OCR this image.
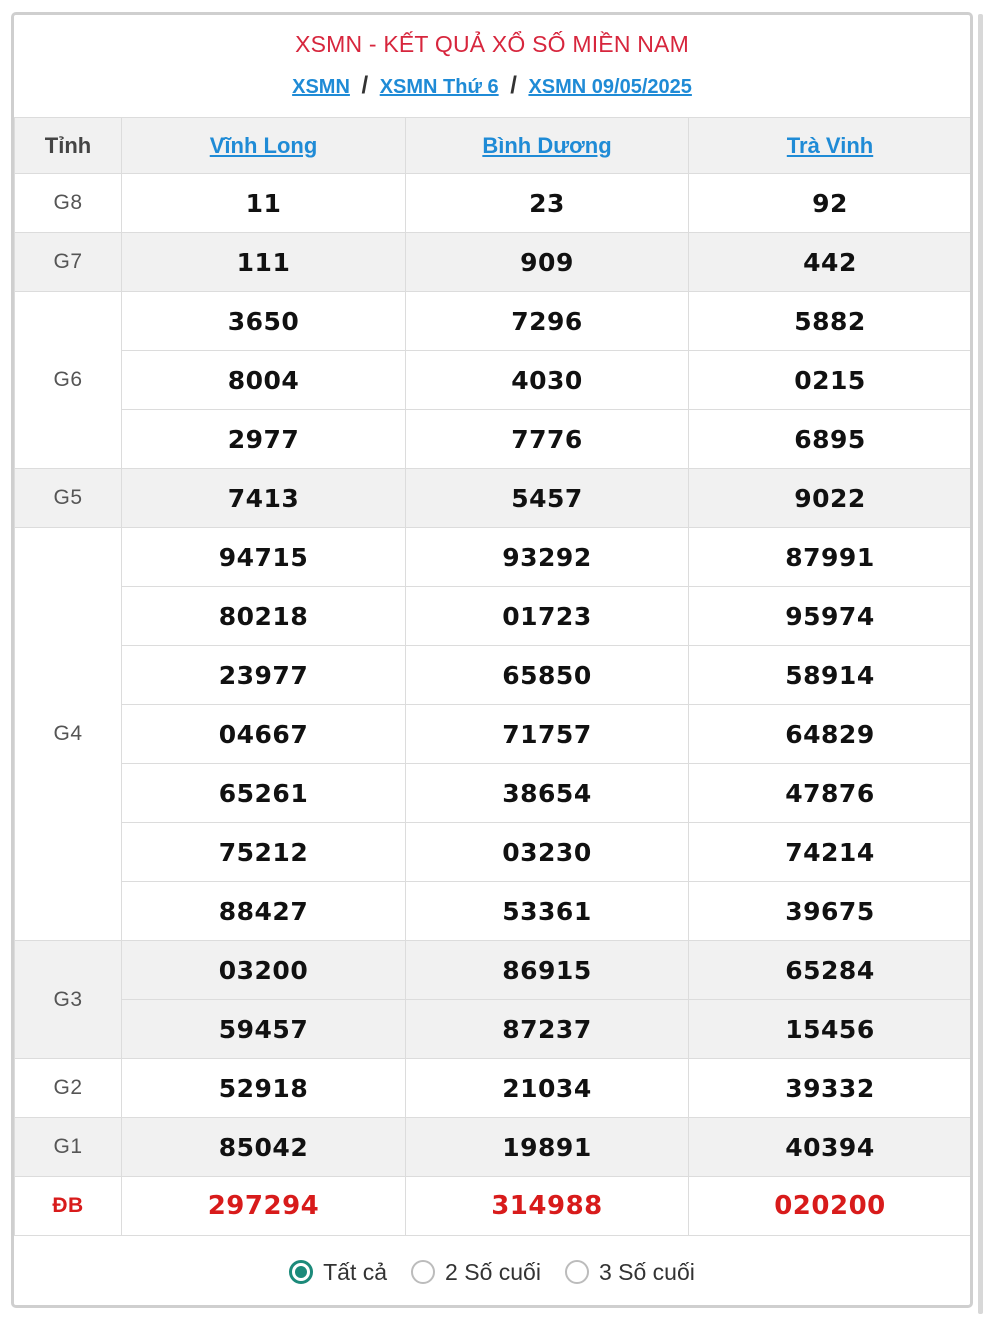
XSMN - KẾT QUẢ XỔ SỐ MIỀN NAM
XSMN / XSMN Thứ 6 / XSMN 09/05/2025
Tỉnh	Vĩnh Long	Bình Dương	Trà Vinh
G8	11	23	92
G7	111	909	442
G6	3650	7296	5882
	8004	4030	0215
	2977	7776	6895
G5	7413	5457	9022
G4	94715	93292	87991
	80218	01723	95974
	23977	65850	58914
	04667	71757	64829
	65261	38654	47876
	75212	03230	74214
	88427	53361	39675
G3	03200	86915	65284
	59457	87237	15456
G2	52918	21034	39332
G1	85042	19891	40394
ĐB	297294	314988	020200
Tất cả	2 Số cuối	3 Số cuối
